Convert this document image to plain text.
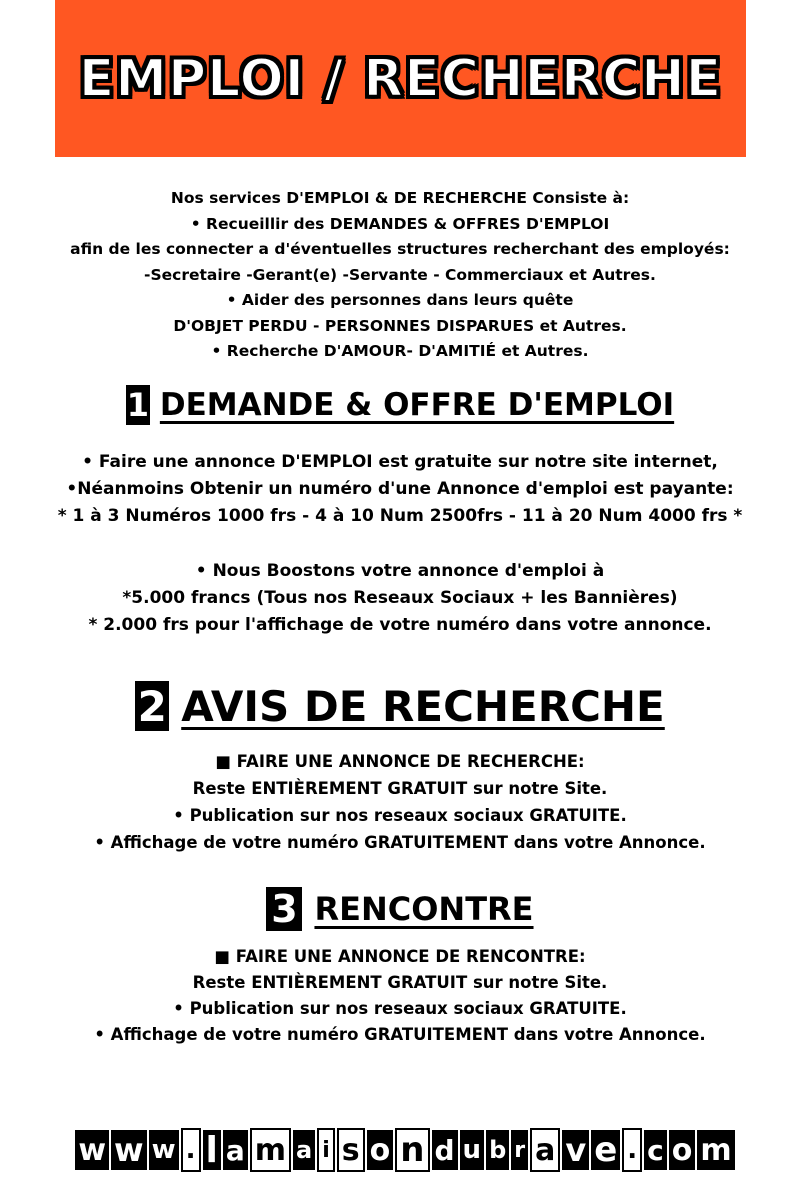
EMPLOI / RECHERCHE
Nos services D'EMPLOI & DE RECHERCHE Consiste à:
• Recueillir des DEMANDES & OFFRES D'EMPLOI
afin de les connecter a d'éventuelles structures recherchant des employés:
-Secretaire -Gerant(e) -Servante - Commerciaux et Autres.
• Aider des personnes dans leurs quête
D'OBJET PERDU - PERSONNES DISPARUES et Autres.
• Recherche D'AMOUR- D'AMITIÉ et Autres.
1 DEMANDE & OFFRE D'EMPLOI
• Faire une annonce D'EMPLOI est gratuite sur notre site internet,
•Néanmoins Obtenir un numéro d'une Annonce d'emploi est payante:
* 1 à 3 Numéros 1000 frs - 4 à 10 Num 2500frs - 11 à 20 Num 4000 frs *
• Nous Boostons votre annonce d'emploi à
*5.000 francs (Tous nos Reseaux Sociaux + les Bannières)
* 2.000 frs pour l'affichage de votre numéro dans votre annonce.
2 AVIS DE RECHERCHE
■ FAIRE UNE ANNONCE DE RECHERCHE:
Reste ENTIÈREMENT GRATUIT sur notre Site.
• Publication sur nos reseaux sociaux GRATUITE.
• Affichage de votre numéro GRATUITEMENT dans votre Annonce.
3 RENCONTRE
■ FAIRE UNE ANNONCE DE RENCONTRE:
Reste ENTIÈREMENT GRATUIT sur notre Site.
• Publication sur nos reseaux sociaux GRATUITE.
• Affichage de votre numéro GRATUITEMENT dans votre Annonce.
w w w . l a m a i s o n d u b r a v e . c o m
